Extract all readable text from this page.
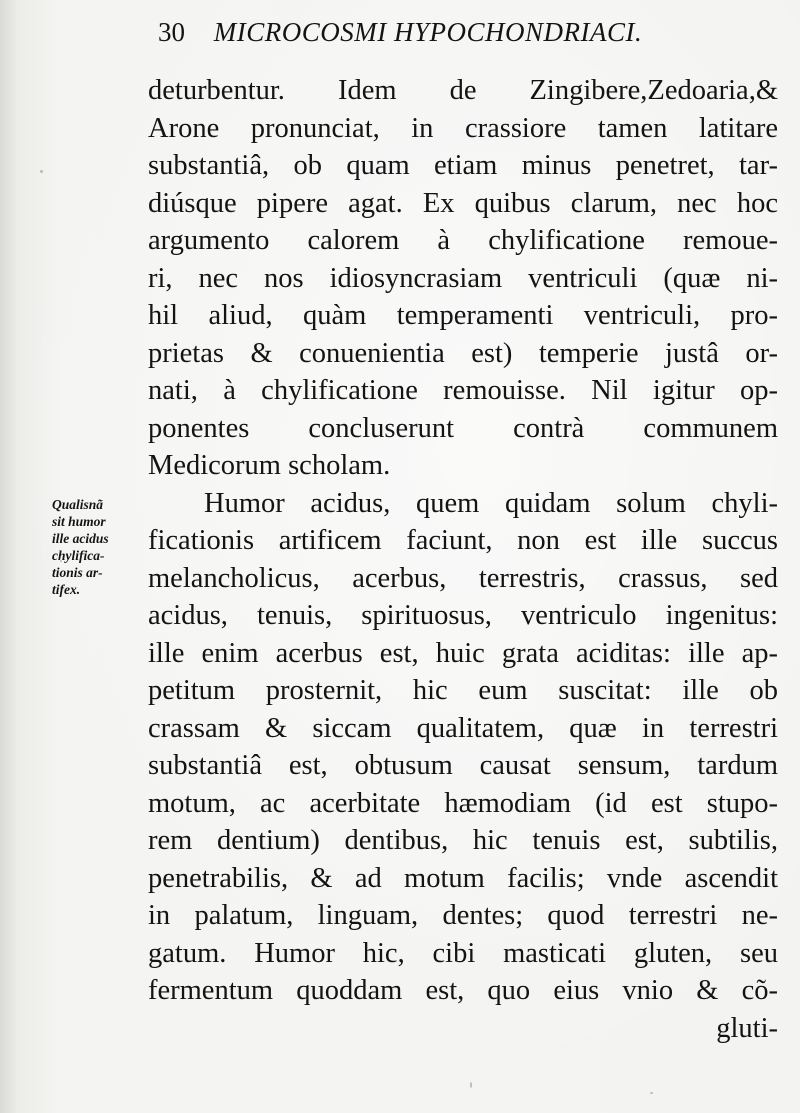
30 MICROCOSMI HYPOCHONDRIACI.
Qualisnã
sit humor
ille acidus
chylifica-
tionis ar-
tifex.
deturbentur. Idem de Zingibere,Zedoaria,&
Arone pronunciat, in crassiore tamen latitare
substantiâ, ob quam etiam minus penetret, tar-
diúsque pipere agat. Ex quibus clarum, nec hoc
argumento calorem à chylificatione remoue-
ri, nec nos idiosyncrasiam ventriculi (quæ ni-
hil aliud, quàm temperamenti ventriculi, pro-
prietas & conuenientia est) temperie justâ or-
nati, à chylificatione remouisse. Nil igitur op-
ponentes concluserunt contrà communem
Medicorum scholam.
Humor acidus, quem quidam solum chyli-
ficationis artificem faciunt, non est ille succus
melancholicus, acerbus, terrestris, crassus, sed
acidus, tenuis, spirituosus, ventriculo ingenitus:
ille enim acerbus est, huic grata aciditas: ille ap-
petitum prosternit, hic eum suscitat: ille ob
crassam & siccam qualitatem, quæ in terrestri
substantiâ est, obtusum causat sensum, tardum
motum, ac acerbitate hæmodiam (id est stupo-
rem dentium) dentibus, hic tenuis est, subtilis,
penetrabilis, & ad motum facilis; vnde ascendit
in palatum, linguam, dentes; quod terrestri ne-
gatum. Humor hic, cibi masticati gluten, seu
fermentum quoddam est, quo eius vnio & cõ-
gluti-
